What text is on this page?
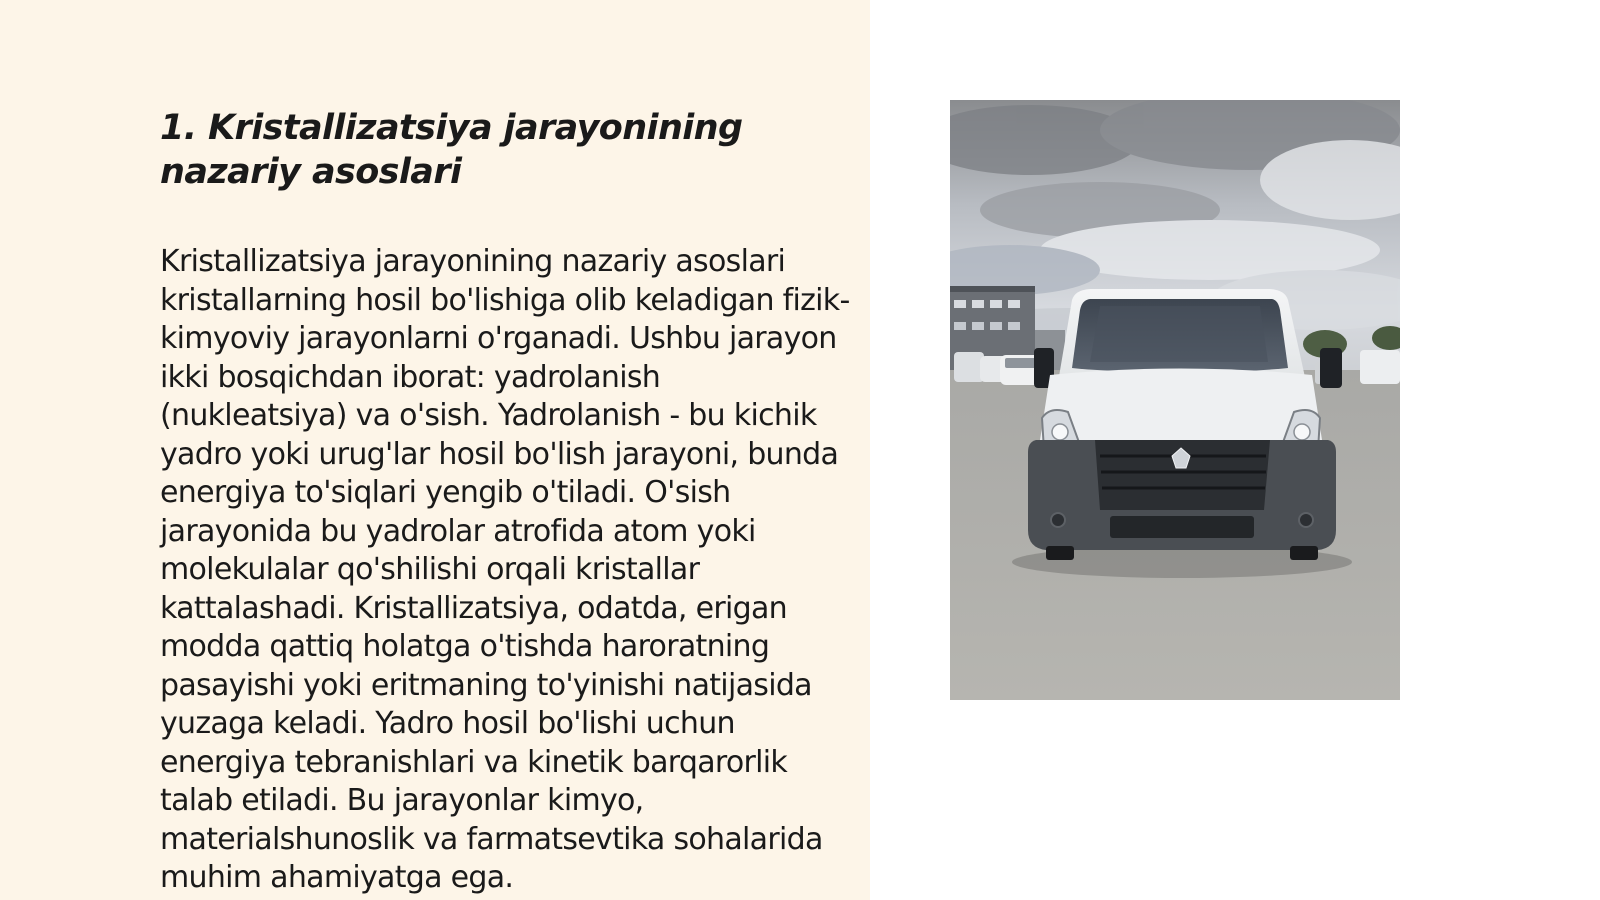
1. Kristallizatsiya jarayonining nazariy asoslari

Kristallizatsiya jarayonining nazariy asoslari kristallarning hosil bo'lishiga olib keladigan fizik-kimyoviy jarayonlarni o'rganadi. Ushbu jarayon ikki bosqichdan iborat: yadrolanish (nukleatsiya) va o'sish. Yadrolanish - bu kichik yadro yoki urug'lar hosil bo'lish jarayoni, bunda energiya to'siqlari yengib o'tiladi. O'sish jarayonida bu yadrolar atrofida atom yoki molekulalar qo'shilishi orqali kristallar kattalashadi. Kristallizatsiya, odatda, erigan modda qattiq holatga o'tishda haroratning pasayishi yoki eritmaning to'yinishi natijasida yuzaga keladi. Yadro hosil bo'lishi uchun energiya tebranishlari va kinetik barqarorlik talab etiladi. Bu jarayonlar kimyo, materialshunoslik va farmatsevtika sohalarida muhim ahamiyatga ega.
